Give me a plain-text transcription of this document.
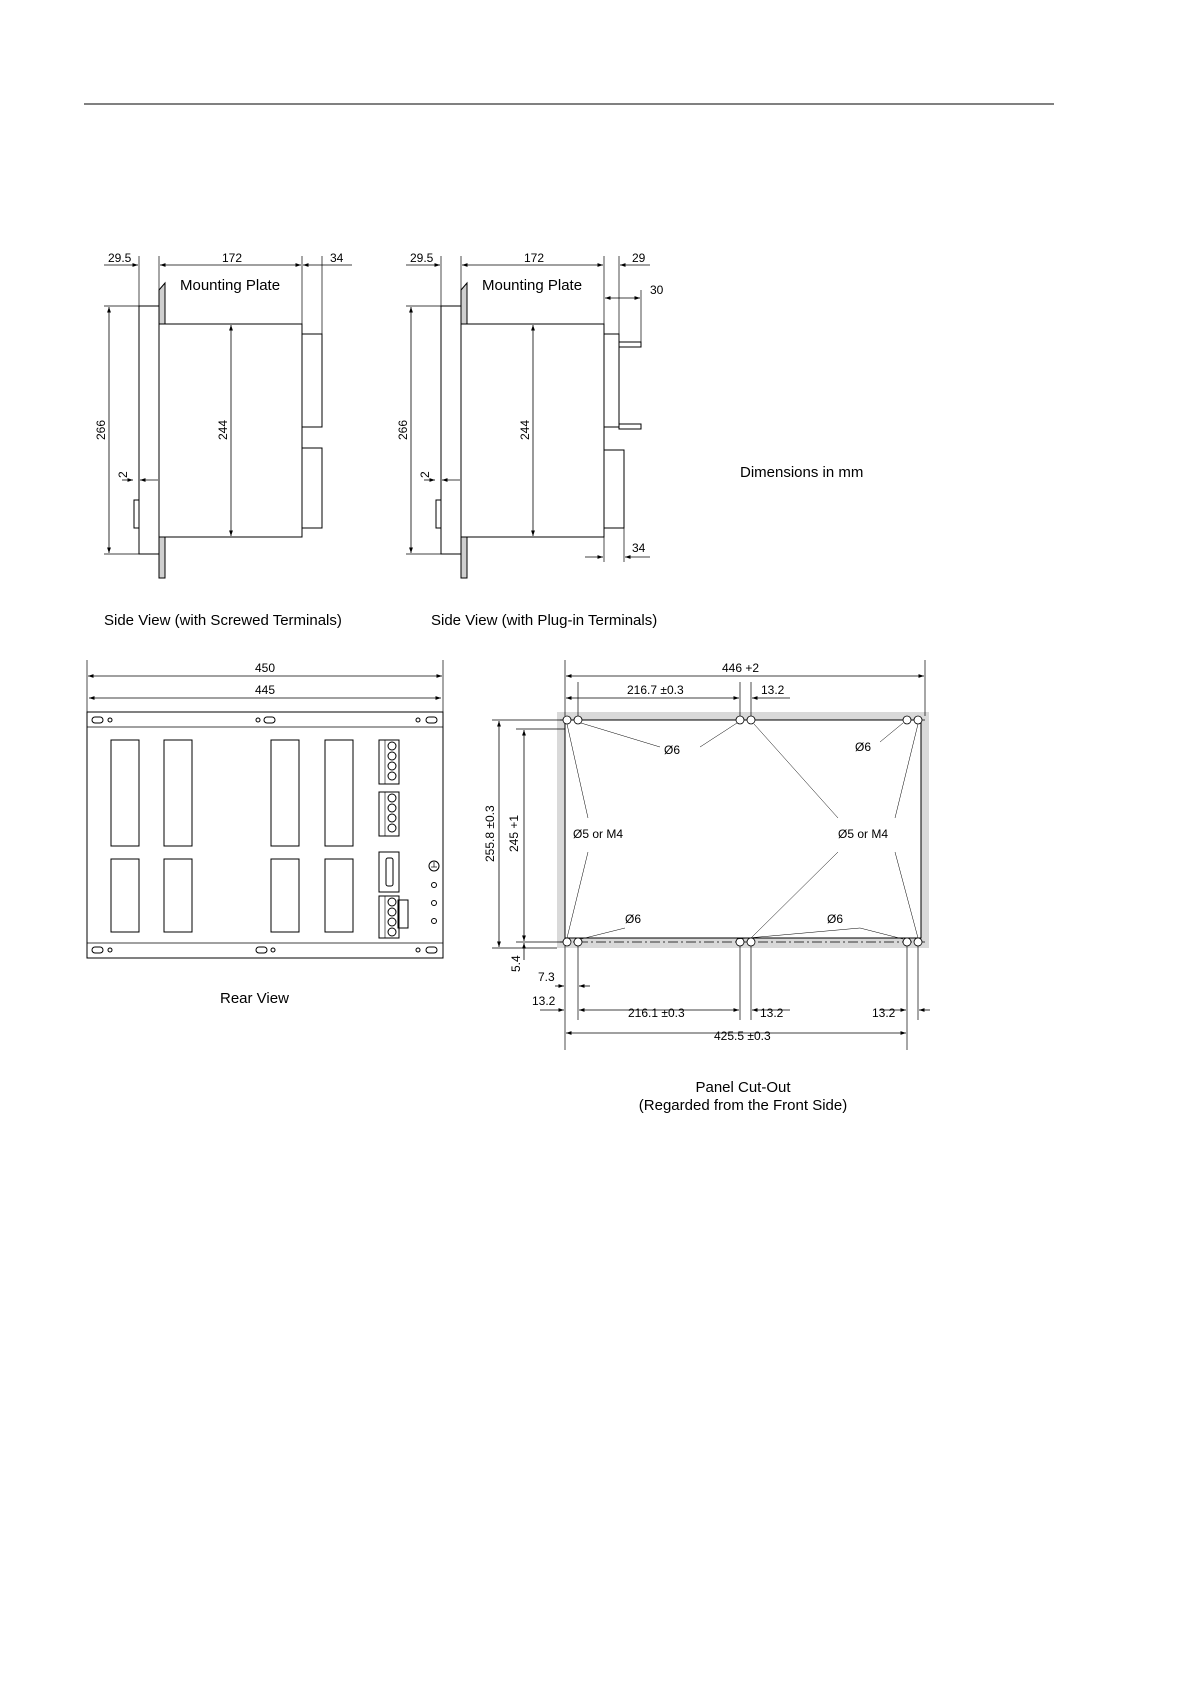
29.5	172	34
Mounting Plate
266	244
2
Side View (with Screwed Terminals)
29.5	172	29
30
Mounting Plate
266	244
2
34
Side View (with Plug-in Terminals)
Dimensions in mm
450
445
Rear View
446 +2
216.7 ±0.3	13.2
Ø6	Ø6
Ø5 or M4	Ø5 or M4
Ø6	Ø6
255.8 ±0.3 245 +1
5.4
7.3
13.2
216.1 ±0.3	13.2	13.2
425.5 ±0.3
Panel Cut-Out
(Regarded from the Front Side)
